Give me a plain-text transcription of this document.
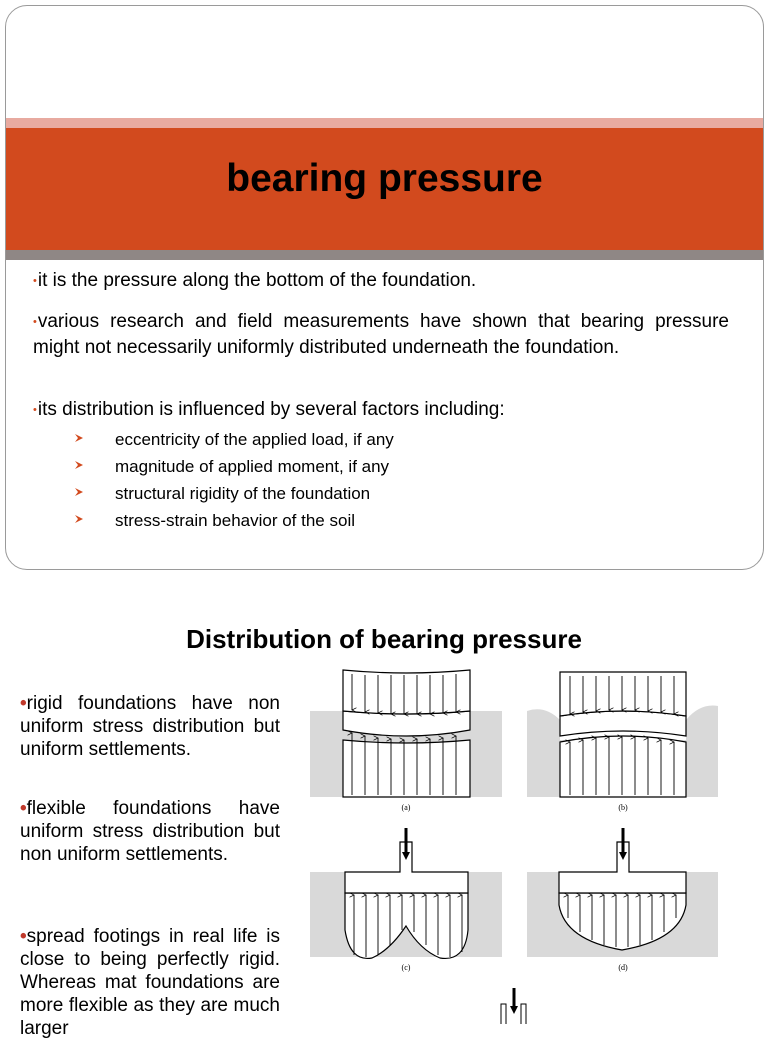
bearing pressure
•it is the pressure along the bottom of the foundation.
•various research and field measurements have shown that bearing pressure might not necessarily uniformly distributed underneath the foundation.
•its distribution is influenced by several factors including:
eccentricity of the applied load, if any
magnitude of applied moment, if any
structural rigidity of the foundation
stress-strain behavior of the soil
Distribution of bearing pressure
•rigid foundations have non uniform stress distribution but uniform settlements.
•flexible foundations have uniform stress distribution but non uniform settlements.
•spread footings in real life is close to being perfectly rigid. Whereas mat foundations are more flexible as they are much larger
(a)	(b)
(c)	(d)
